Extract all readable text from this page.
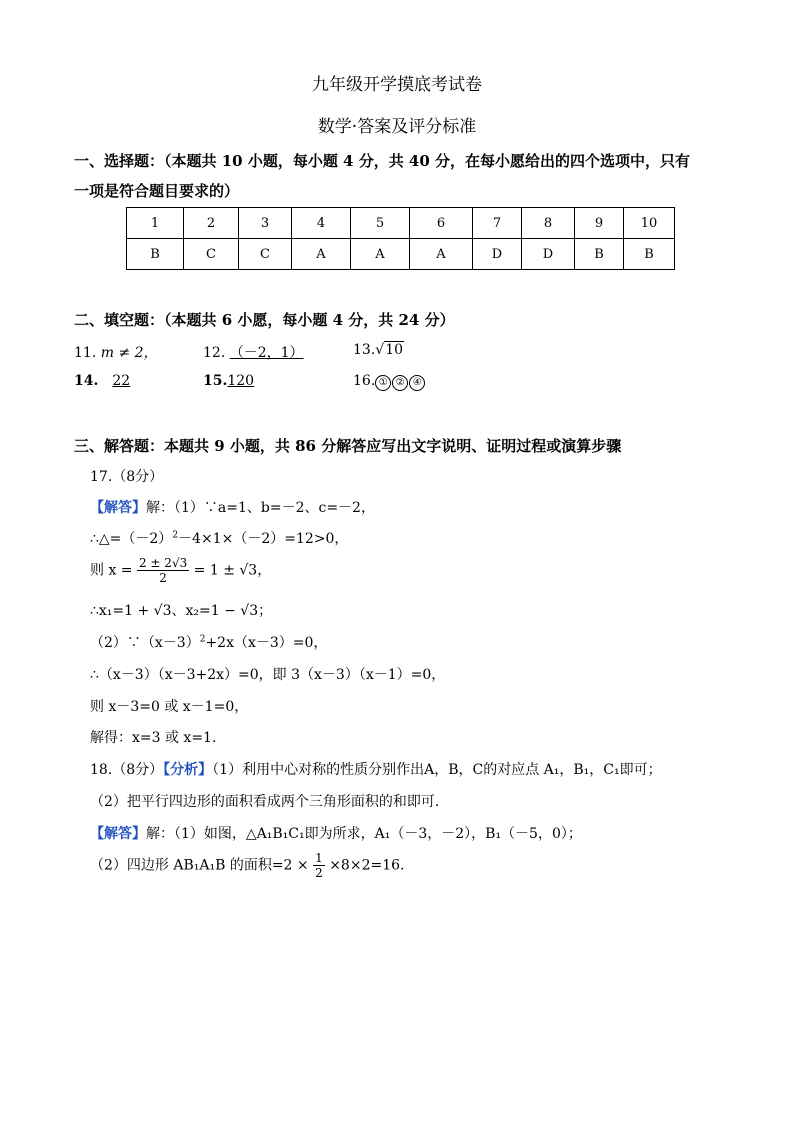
九年级开学摸底考试卷
数学·答案及评分标准
一、选择题：（本题共 10 小题，每小题 4 分，共 40 分，在每小愿给出的四个选项中，只有
一项是符合题目要求的）
1	2	3	4	5	6	7	8	9	10
B	C	C	A	A	A	D	D	B	B
二、填空题：（本题共 6 小愿，每小题 4 分，共 24 分）
11. m ≠ 2，	12. （－2，1）	13.√10
14. 22	15.120	16. ① ② ④
三、解答题：本题共 9 小题，共 86 分解答应写出文字说明、证明过程或演算步骤
17.（8分）
【解答】解：（1）∵a=1、b=－2、c=－2，
$\therefore\triangle=(-2)^2-4\times 1\times(-2)=12>0$，
则 $x = \frac{2 \pm 2√3}{2} = 1 \pm √3$，
∴x₁=1 + √3、x₂=1 − √3；
$(2)\because(x-3)^2+2x(x-3)=0$，
∴（x－3）（x－3+2x）=0，即 3（x－3）（x－1）=0，
则 x－3=0 或 x－1=0，
解得：x=3 或 x=1.
18.（8分）【分析】（1）利用中心对称的性质分别作出A，B，C的对应点 A₁，B₁，C₁即可；
（2）把平行四边形的面积看成两个三角形面积的和即可.
【解答】解：（1）如图，△A₁B₁C₁即为所求，A₁（－3，－2），B₁（－5，0）；
（2）四边形 AB₁A₁B 的面积$=2 \times \frac{1}{2} \times 8\times 2=16$.
